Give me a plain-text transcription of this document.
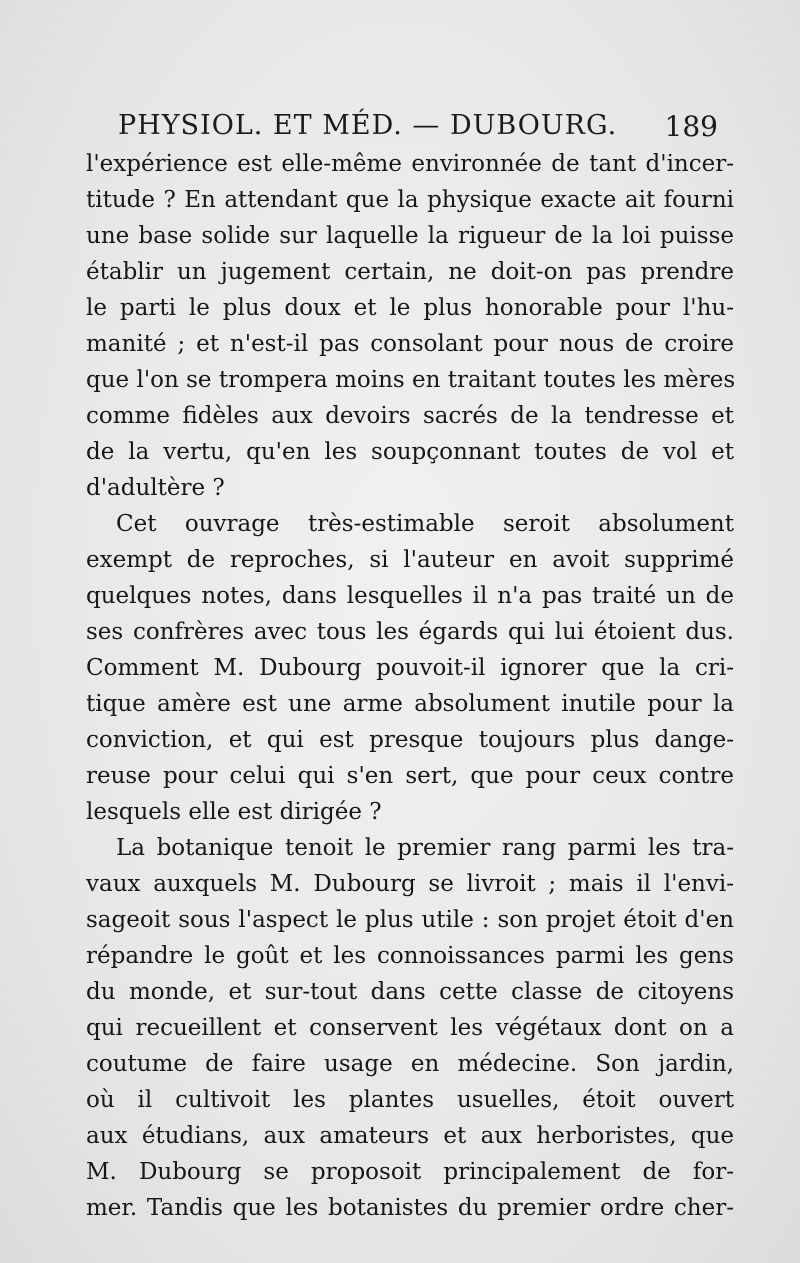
PHYSIOL. ET MÉD. — DUBOURG. 189
l'expérience est elle-même environnée de tant d'incer-
titude ? En attendant que la physique exacte ait fourni
une base solide sur laquelle la rigueur de la loi puisse
établir un jugement certain, ne doit-on pas prendre
le parti le plus doux et le plus honorable pour l'hu-
manité ; et n'est-il pas consolant pour nous de croire
que l'on se trompera moins en traitant toutes les mères
comme fidèles aux devoirs sacrés de la tendresse et
de la vertu, qu'en les soupçonnant toutes de vol et
d'adultère ?
Cet ouvrage très-estimable seroit absolument
exempt de reproches, si l'auteur en avoit supprimé
quelques notes, dans lesquelles il n'a pas traité un de
ses confrères avec tous les égards qui lui étoient dus.
Comment M. Dubourg pouvoit-il ignorer que la cri-
tique amère est une arme absolument inutile pour la
conviction, et qui est presque toujours plus dange-
reuse pour celui qui s'en sert, que pour ceux contre
lesquels elle est dirigée ?
La botanique tenoit le premier rang parmi les tra-
vaux auxquels M. Dubourg se livroit ; mais il l'envi-
sageoit sous l'aspect le plus utile : son projet étoit d'en
répandre le goût et les connoissances parmi les gens
du monde, et sur-tout dans cette classe de citoyens
qui recueillent et conservent les végétaux dont on a
coutume de faire usage en médecine. Son jardin,
où il cultivoit les plantes usuelles, étoit ouvert
aux étudians, aux amateurs et aux herboristes, que
M. Dubourg se proposoit principalement de for-
mer. Tandis que les botanistes du premier ordre cher-
